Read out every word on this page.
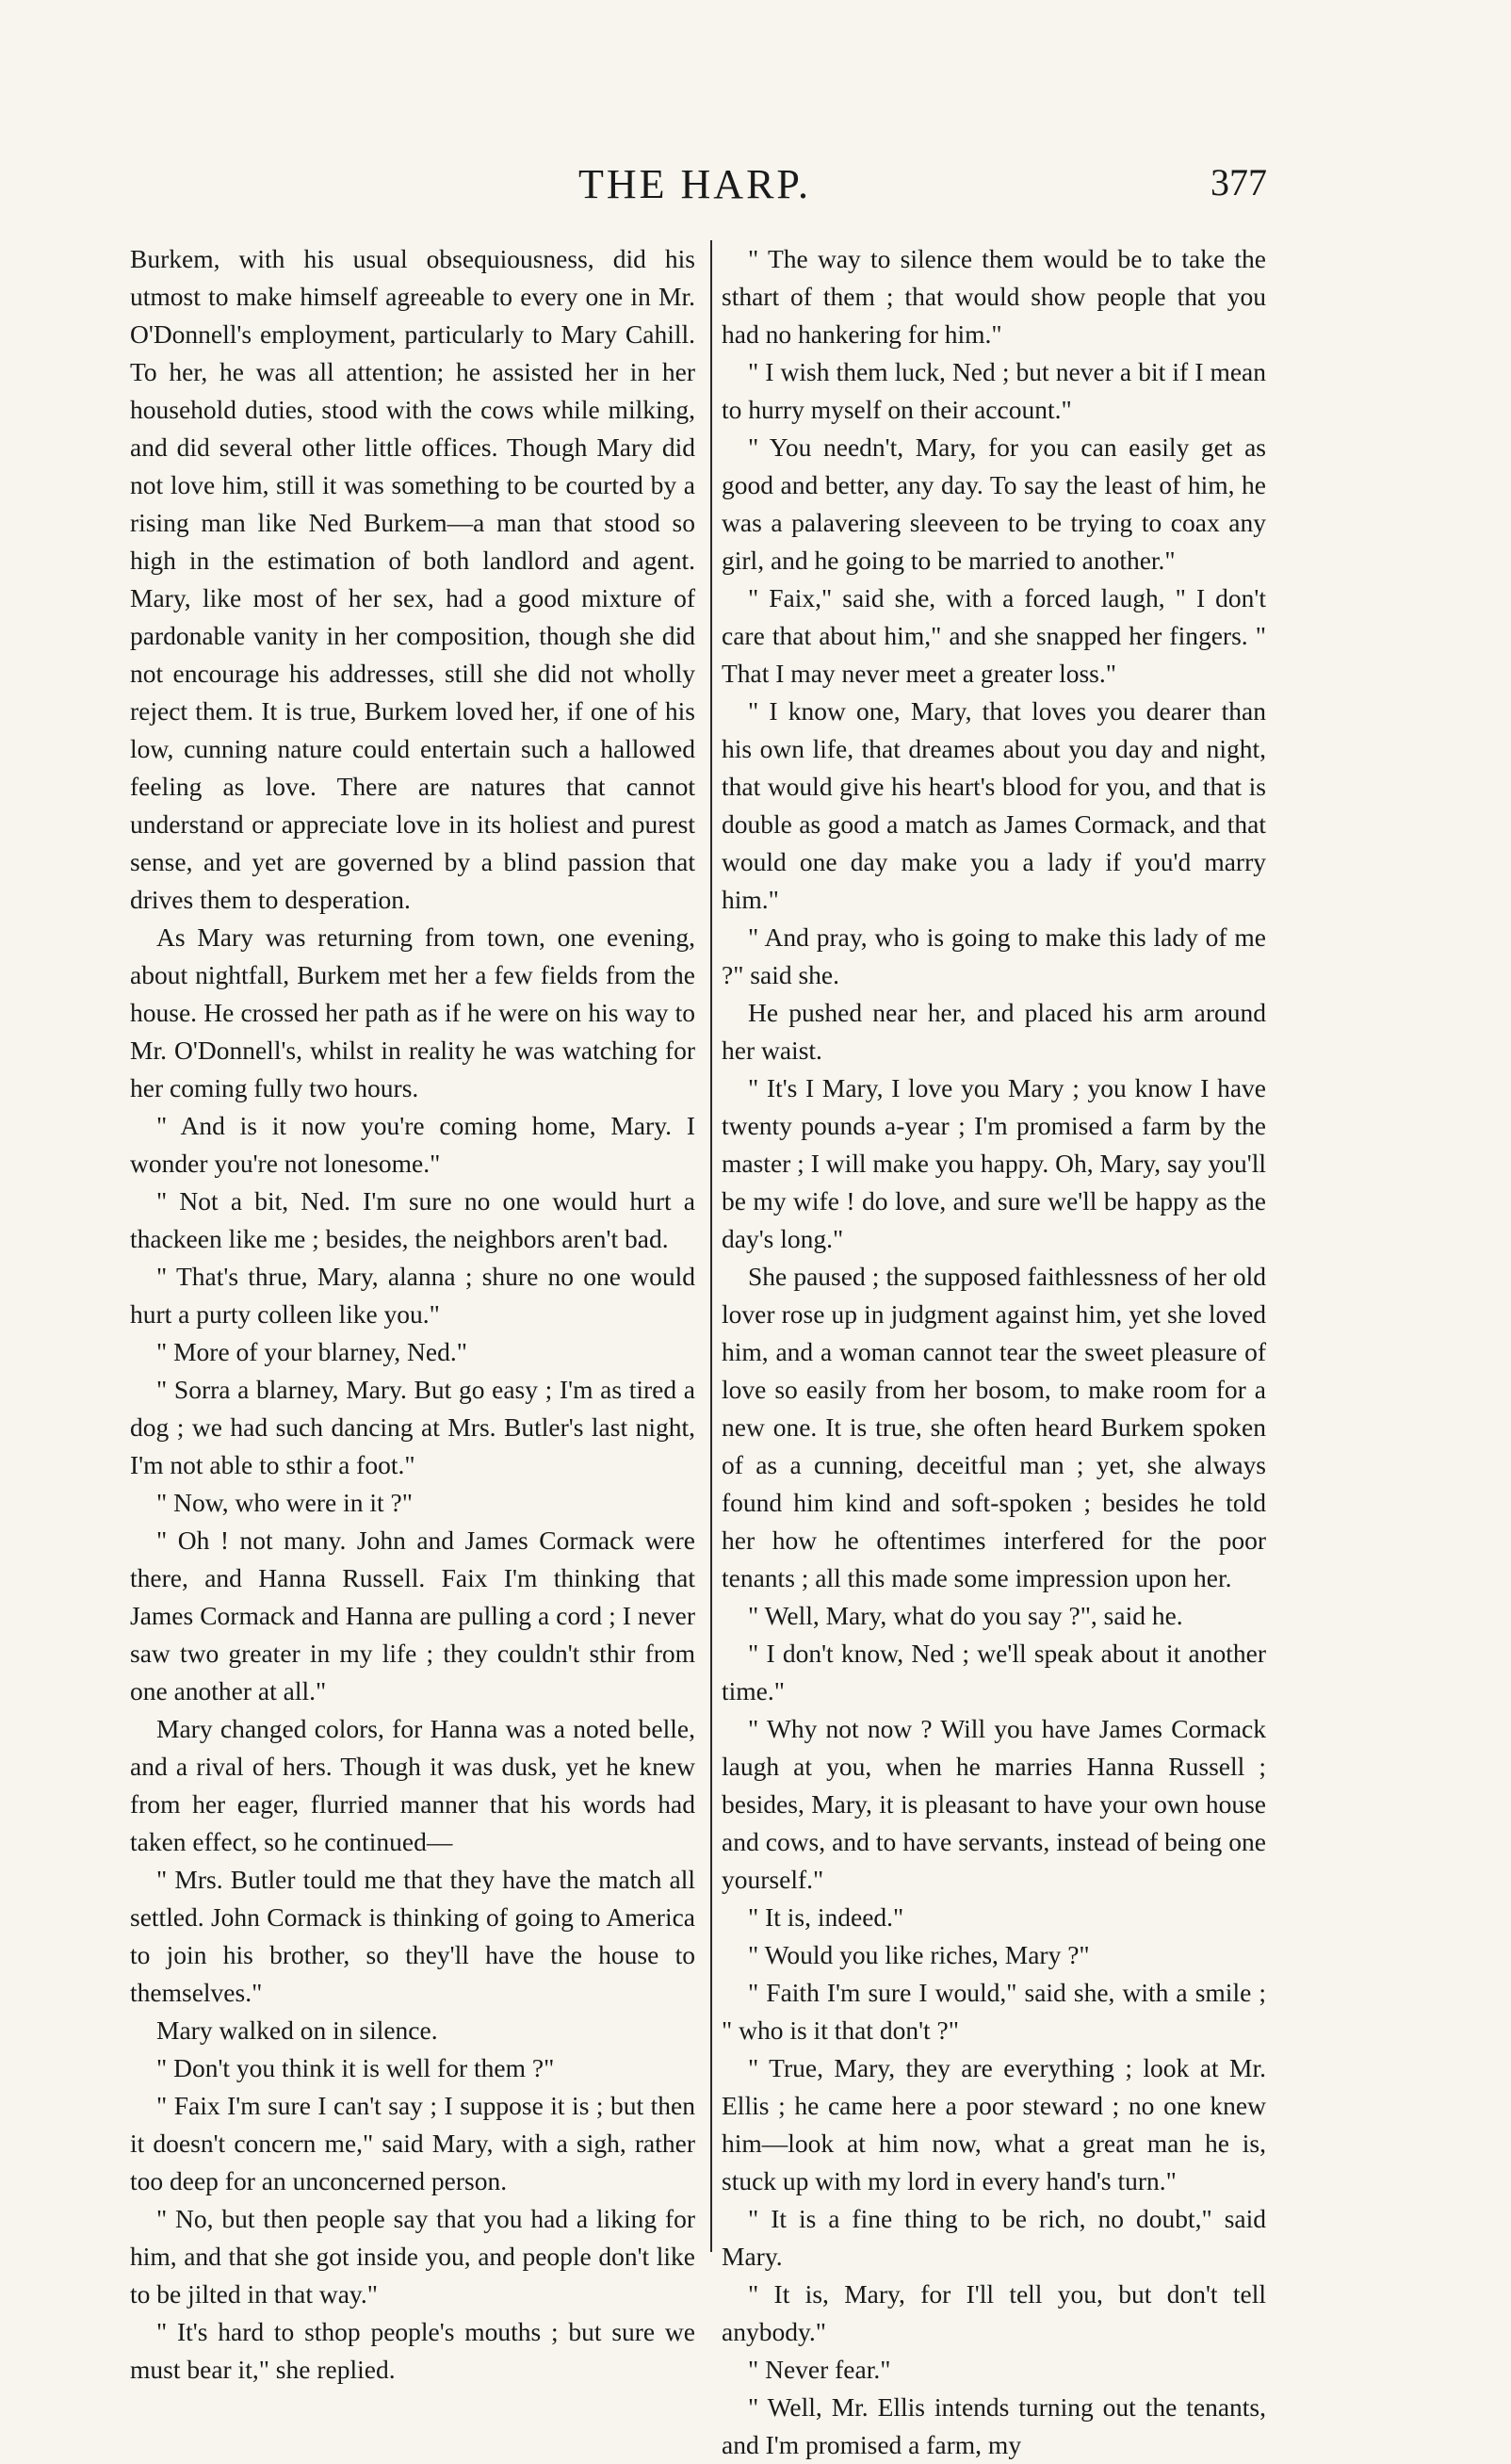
THE HARP.	377

Burkem, with his usual obsequiousness, did his utmost to make himself agreeable to every one in Mr. O'Donnell's employment, particularly to Mary Cahill. To her, he was all attention; he assisted her in her household duties, stood with the cows while milking, and did several other little offices. Though Mary did not love him, still it was something to be courted by a rising man like Ned Burkem—a man that stood so high in the estimation of both landlord and agent. Mary, like most of her sex, had a good mixture of pardonable vanity in her composition, though she did not encourage his addresses, still she did not wholly reject them. It is true, Burkem loved her, if one of his low, cunning nature could entertain such a hallowed feeling as love. There are natures that cannot understand or appreciate love in its holiest and purest sense, and yet are governed by a blind passion that drives them to desperation.

As Mary was returning from town, one evening, about nightfall, Burkem met her a few fields from the house. He crossed her path as if he were on his way to Mr. O'Donnell's, whilst in reality he was watching for her coming fully two hours.

" And is it now you're coming home, Mary. I wonder you're not lonesome."

" Not a bit, Ned. I'm sure no one would hurt a thackeen like me ; besides, the neighbors aren't bad.

" That's thrue, Mary, alanna ; shure no one would hurt a purty colleen like you."

" More of your blarney, Ned."

" Sorra a blarney, Mary. But go easy ; I'm as tired a dog ; we had such dancing at Mrs. Butler's last night, I'm not able to sthir a foot."

" Now, who were in it ?"

" Oh ! not many. John and James Cormack were there, and Hanna Russell. Faix I'm thinking that James Cormack and Hanna are pulling a cord ; I never saw two greater in my life ; they couldn't sthir from one another at all."

Mary changed colors, for Hanna was a noted belle, and a rival of hers. Though it was dusk, yet he knew from her eager, flurried manner that his words had taken effect, so he continued—

" Mrs. Butler tould me that they have the match all settled. John Cormack is thinking of going to America to join his brother, so they'll have the house to themselves."

Mary walked on in silence.

" Don't you think it is well for them ?"

" Faix I'm sure I can't say ; I suppose it is ; but then it doesn't concern me," said Mary, with a sigh, rather too deep for an unconcerned person.

" No, but then people say that you had a liking for him, and that she got inside you, and people don't like to be jilted in that way."

" It's hard to sthop people's mouths ; but sure we must bear it," she replied.

" The way to silence them would be to take the sthart of them ; that would show people that you had no hankering for him."

" I wish them luck, Ned ; but never a bit if I mean to hurry myself on their account."

" You needn't, Mary, for you can easily get as good and better, any day. To say the least of him, he was a palavering sleeveen to be trying to coax any girl, and he going to be married to another."

" Faix," said she, with a forced laugh, " I don't care that about him," and she snapped her fingers. " That I may never meet a greater loss."

" I know one, Mary, that loves you dearer than his own life, that dreames about you day and night, that would give his heart's blood for you, and that is double as good a match as James Cormack, and that would one day make you a lady if you'd marry him."

" And pray, who is going to make this lady of me ?" said she.

He pushed near her, and placed his arm around her waist.

" It's I Mary, I love you Mary ; you know I have twenty pounds a-year ; I'm promised a farm by the master ; I will make you happy. Oh, Mary, say you'll be my wife ! do love, and sure we'll be happy as the day's long."

She paused ; the supposed faithlessness of her old lover rose up in judgment against him, yet she loved him, and a woman cannot tear the sweet pleasure of love so easily from her bosom, to make room for a new one. It is true, she often heard Burkem spoken of as a cunning, deceitful man ; yet, she always found him kind and soft-spoken ; besides he told her how he oftentimes interfered for the poor tenants ; all this made some impression upon her.

" Well, Mary, what do you say ?", said he.

" I don't know, Ned ; we'll speak about it another time."

" Why not now ? Will you have James Cormack laugh at you, when he marries Hanna Russell ; besides, Mary, it is pleasant to have your own house and cows, and to have servants, instead of being one yourself."

" It is, indeed."

" Would you like riches, Mary ?"

" Faith I'm sure I would," said she, with a smile ; " who is it that don't ?"

" True, Mary, they are everything ; look at Mr. Ellis ; he came here a poor steward ; no one knew him—look at him now, what a great man he is, stuck up with my lord in every hand's turn."

" It is a fine thing to be rich, no doubt," said Mary.

" It is, Mary, for I'll tell you, but don't tell anybody."

" Never fear."

" Well, Mr. Ellis intends turning out the tenants, and I'm promised a farm, my
